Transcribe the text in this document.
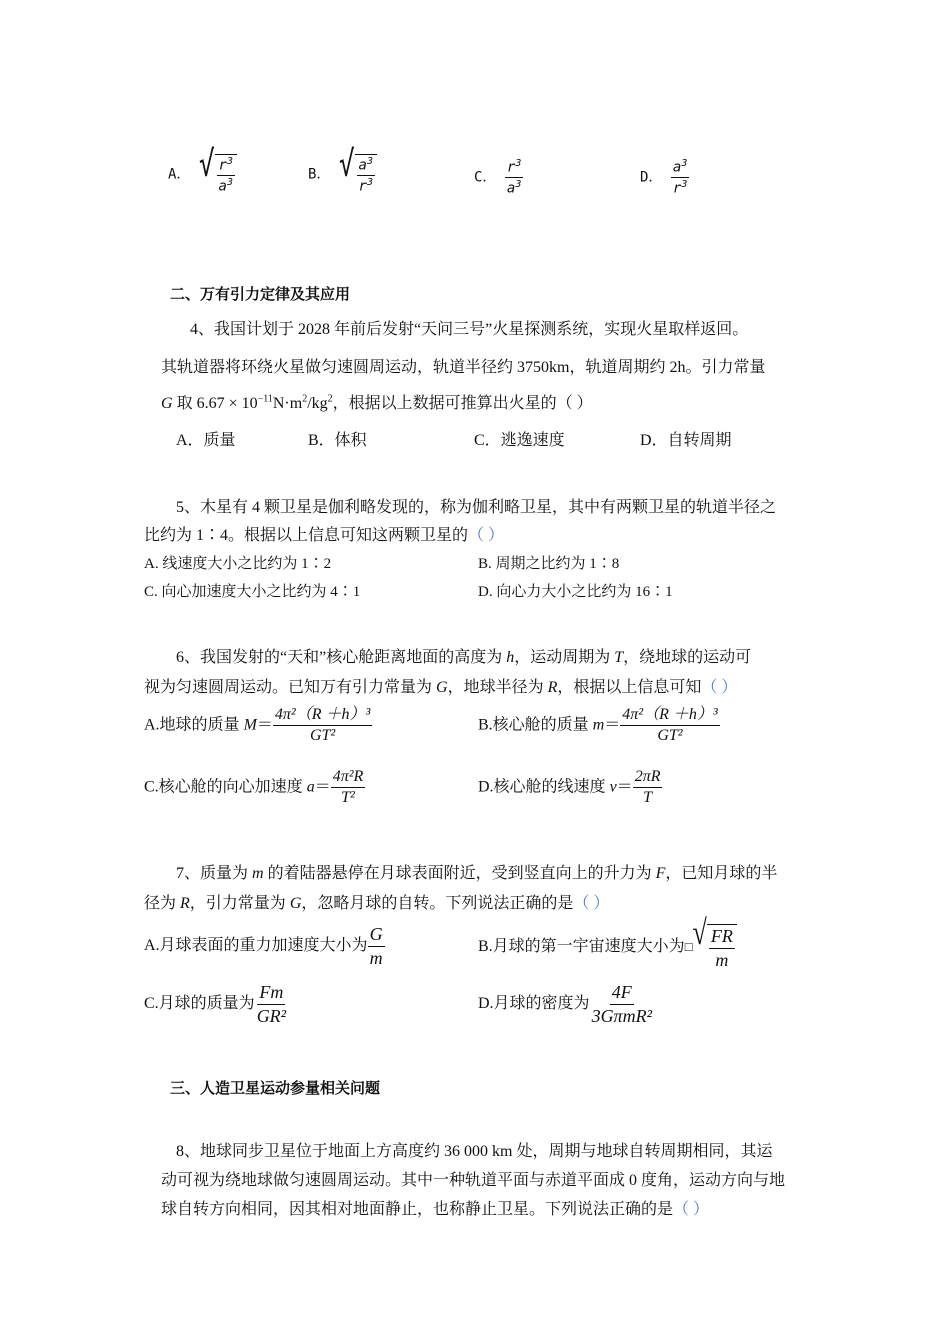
A． √ $\frac{r^3}{a^3}$	B． √ $\frac{a^3}{r^3}$	C． $\frac{r^3}{a^3}$	D． $\frac{a^3}{r^3}$
二、万有引力定律及其应用
4、我国计划于 2028 年前后发射“天问三号”火星探测系统，实现火星取样返回。
其轨道器将环绕火星做匀速圆周运动，轨道半径约 3750km，轨道周期约 2h。引力常量
G 取 $6.67 \times 10^{-11}N\cdot m^2/kg^2$，根据以上数据可推算出火星的（ ）
A．质量	B．体积	C．逃逸速度	D．自转周期
5、木星有 4 颗卫星是伽利略发现的，称为伽利略卫星，其中有两颗卫星的轨道半径之
比约为 1∶4。根据以上信息可知这两颗卫星的（ ）
A. 线速度大小之比约为 1∶2	B. 周期之比约为 1∶8
C. 向心加速度大小之比约为 4∶1	D. 向心力大小之比约为 16∶1
6、我国发射的“天和”核心舱距离地面的高度为 h，运动周期为 T，绕地球的运动可
视为匀速圆周运动。已知万有引力常量为 G，地球半径为 R，根据以上信息可知（ ）
A.地球的质量 $M= \frac{\text{4π²（R ＋h）³}}{\text{GT²}}$	B.核心舱的质量 $m= \frac{\text{4π²（R ＋h）³}}{\text{GT²}}$
C.核心舱的向心加速度 $a= \frac{\text{4π²R}}{\text{T²}}$	D.核心舱的线速度 $v= \frac{2\pi R}{T}$
7、质量为 m 的着陆器悬停在月球表面附近，受到竖直向上的升力为 F，已知月球的半
径为 R，引力常量为 G，忽略月球的自转。下列说法正确的是（ ）
A.月球表面的重力加速度大小为 $\frac{G}{m}$	B.月球的第一宇宙速度大小为□ √ $\frac{FR}{m}$
C.月球的质量为 $\frac{Fm}{\text{GR²}}$	D.月球的密度为 $\frac{4F}{\text{3GπmR²}}$
三、人造卫星运动参量相关问题
8、地球同步卫星位于地面上方高度约 36 000 km 处，周期与地球自转周期相同，其运
动可视为绕地球做匀速圆周运动。其中一种轨道平面与赤道平面成 0 度角，运动方向与地
球自转方向相同，因其相对地面静止，也称静止卫星。下列说法正确的是（ ）
